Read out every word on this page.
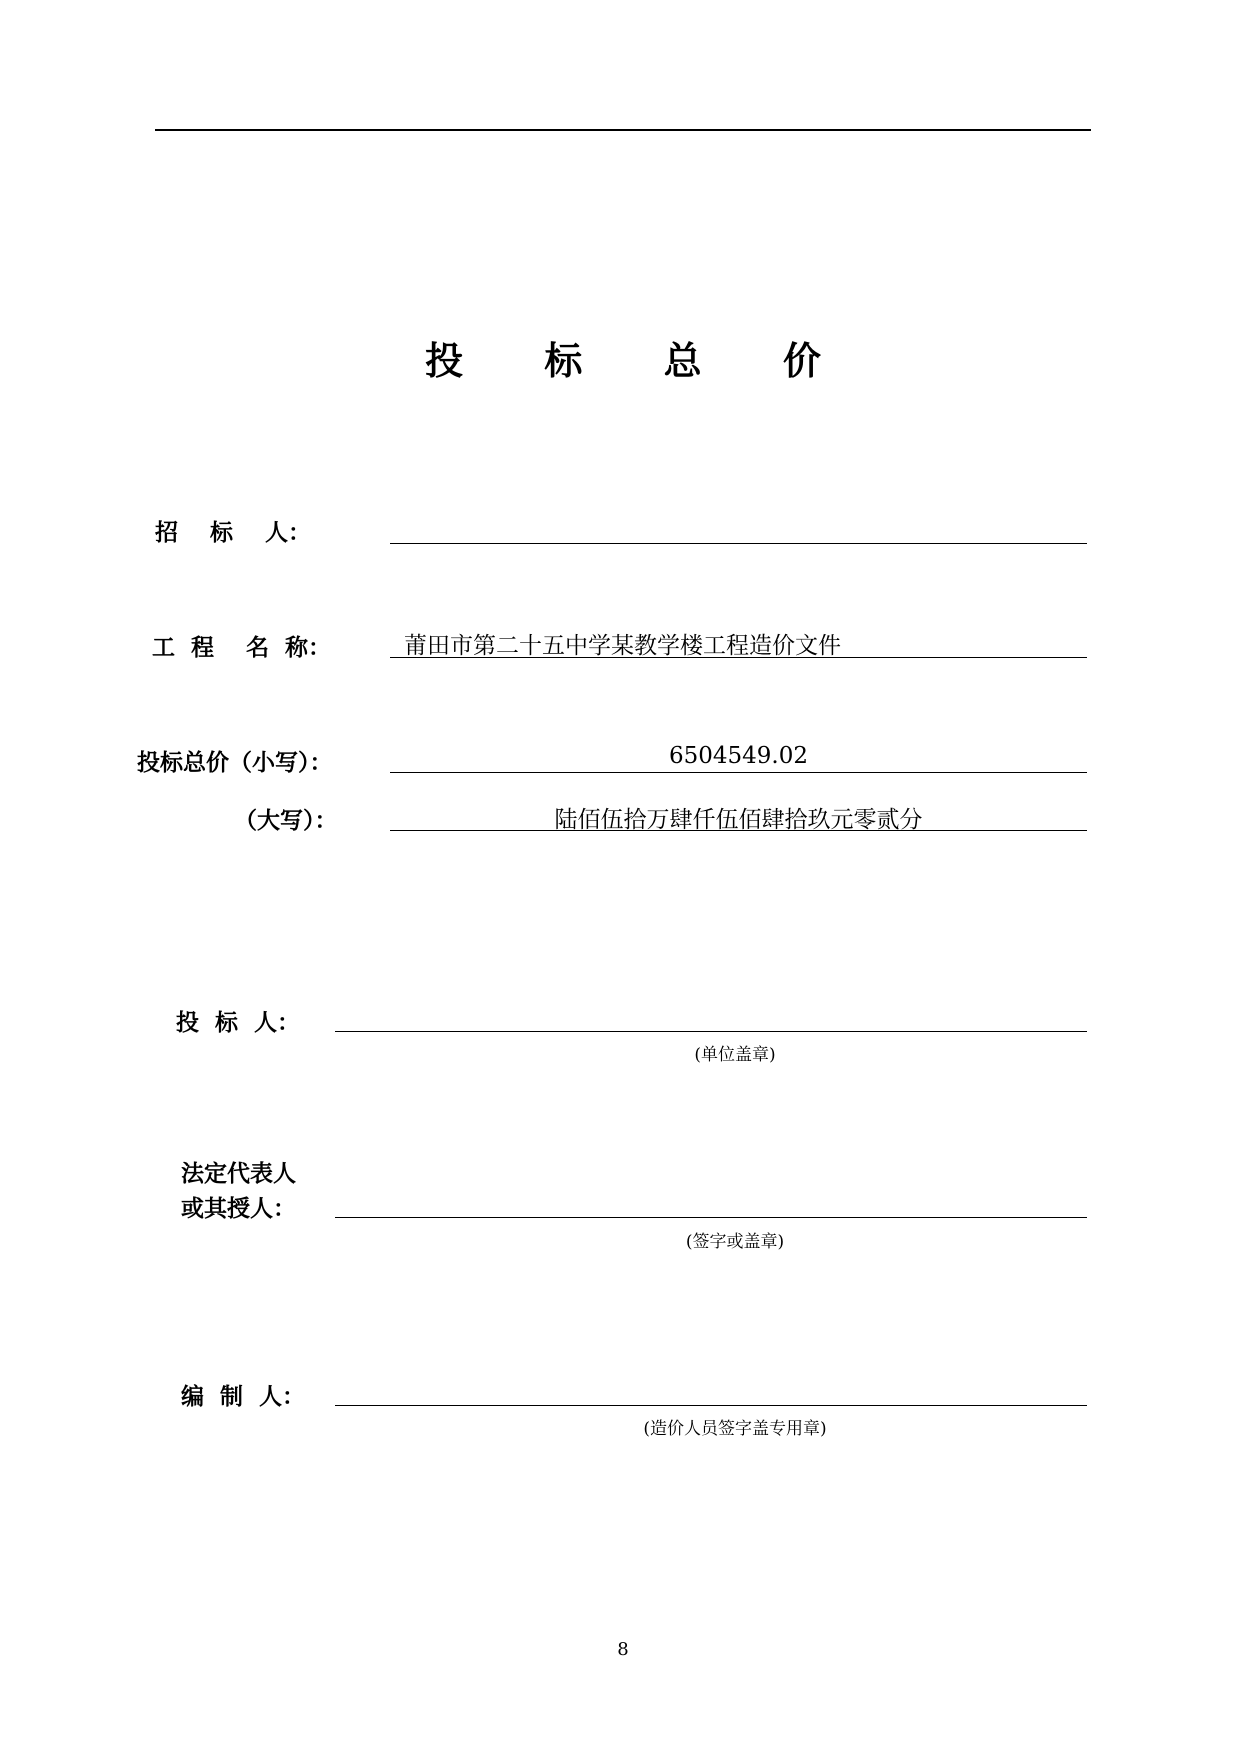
投 标 总 价
招    标    人：
工  程    名  称：	莆田市第二十五中学某教学楼工程造价文件
投标总价（小写）：	6504549.02
（大写）：	陆佰伍拾万肆仟伍佰肆拾玖元零贰分
投  标  人：
(单位盖章)
法定代表人
或其授人：
(签字或盖章)
编  制  人：
(造价人员签字盖专用章)
8
